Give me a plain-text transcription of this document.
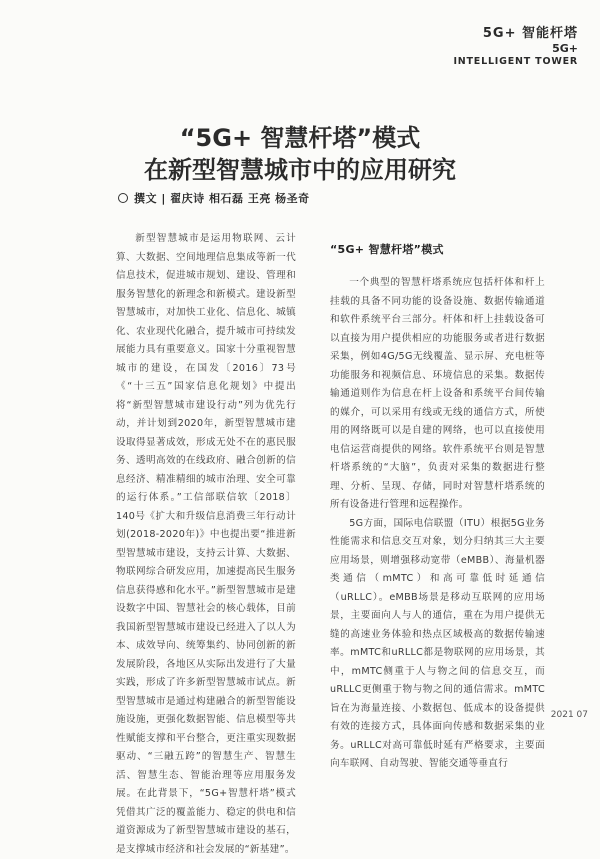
5G+ 智能杆塔
5G+
INTELLIGENT TOWER
“5G+ 智慧杆塔”模式
在新型智慧城市中的应用研究
撰文 | 翟庆诗 相石磊 王亮 杨圣奇

新型智慧城市是运用物联网、云计算、大数据、空间地理信息集成等新一代信息技术，促进城市规划、建设、管理和服务智慧化的新理念和新模式。建设新型智慧城市，对加快工业化、信息化、城镇化、农业现代化融合，提升城市可持续发展能力具有重要意义。国家十分重视智慧城市的建设，在国发〔2016〕73号《“十三五”国家信息化规划》中提出将“新型智慧城市建设行动”列为优先行动，并计划到2020年，新型智慧城市建设取得显著成效，形成无处不在的惠民服务、透明高效的在线政府、融合创新的信息经济、精准精细的城市治理、安全可靠的运行体系。”工信部联信软〔2018〕140号《扩大和升级信息消费三年行动计划(2018-2020年)》中也提出要“推进新型智慧城市建设，支持云计算、大数据、物联网综合研发应用，加速提高民生服务信息获得感和化水平。”新型智慧城市是建设数字中国、智慧社会的核心载体，目前我国新型智慧城市建设已经进入了以人为本、成效导向、统筹集约、协同创新的新发展阶段，各地区从实际出发进行了大量实践，形成了许多新型智慧城市试点。新型智慧城市是通过构建融合的新型智能设施设施，更强化数据智能、信息模型等共性赋能支撑和平台整合，更注重实现数据驱动、“三融五跨”的智慧生产、智慧生活、智慧生态、智能治理等应用服务发展。在此背景下，“5G+智慧杆塔”模式凭借其广泛的覆盖能力、稳定的供电和信道资源成为了新型智慧城市建设的基石，是支撑城市经济和社会发展的“新基建”。

“5G+ 智慧杆塔”模式

一个典型的智慧杆塔系统应包括杆体和杆上挂载的具备不同功能的设备设施、数据传输通道和软件系统平台三部分。杆体和杆上挂载设备可以直接为用户提供相应的功能服务或者进行数据采集，例如4G/5G无线覆盖、显示屏、充电桩等功能服务和视频信息、环境信息的采集。数据传输通道则作为信息在杆上设备和系统平台间传输的媒介，可以采用有线或无线的通信方式，所使用的网络既可以是自建的网络，也可以直接使用电信运营商提供的网络。软件系统平台则是智慧杆塔系统的“大脑”，负责对采集的数据进行整理、分析、呈现、存储，同时对智慧杆塔系统的所有设备进行管理和远程操作。

5G方面，国际电信联盟（ITU）根据5G业务性能需求和信息交互对象，划分归纳其三大主要应用场景，则增强移动宽带（eMBB）、海量机器类通信（mMTC）和高可靠低时延通信（uRLLC）。eMBB场景是移动互联网的应用场景，主要面向人与人的通信，重在为用户提供无缝的高速业务体验和热点区域极高的数据传输速率。mMTC和uRLLC都是物联网的应用场景，其中，mMTC侧重于人与物之间的信息交互，而uRLLC更侧重于物与物之间的通信需求。mMTC旨在为海量连接、小数据包、低成本的设备提供有效的连接方式，具体面向传感和数据采集的业务。uRLLC对高可靠低时延有严格要求，主要面向车联网、自动驾驶、智能交通等垂直行

2021 07
